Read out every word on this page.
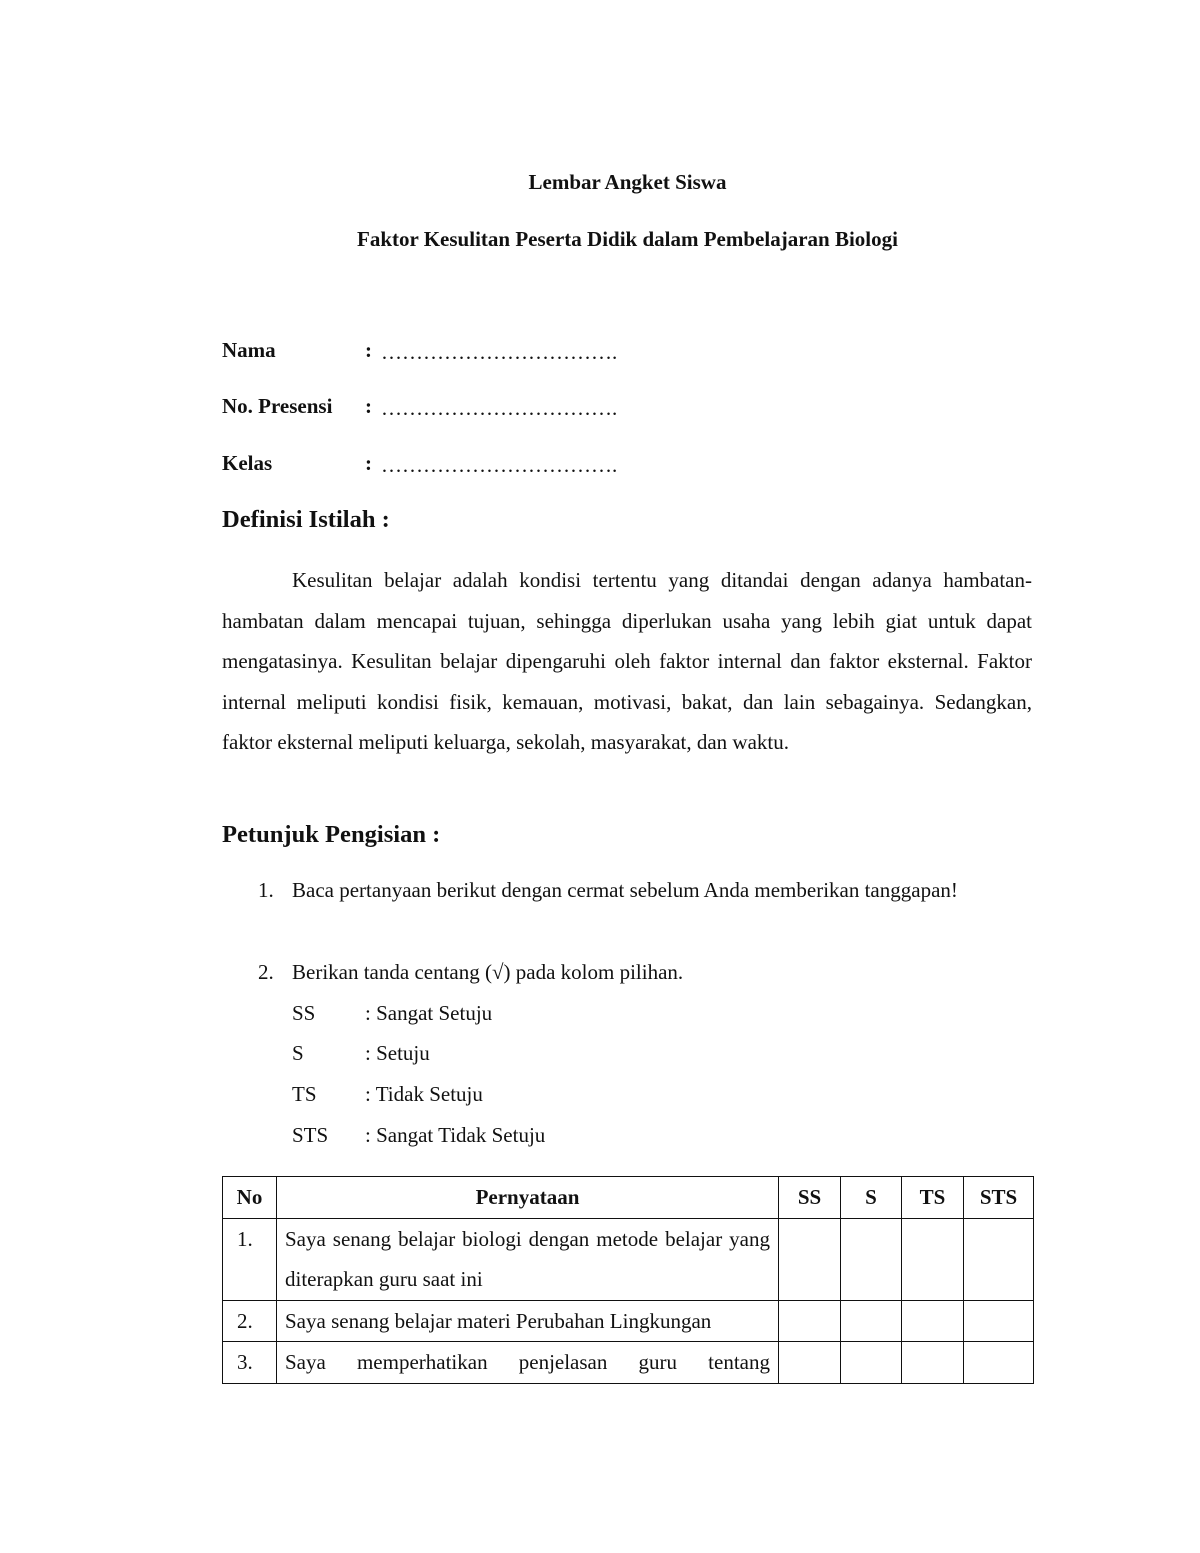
Lembar Angket Siswa
Faktor Kesulitan Peserta Didik dalam Pembelajaran Biologi
Nama	: …………………………….
No. Presensi : …………………………….
Kelas	: …………………………….
Definisi Istilah :

Kesulitan belajar adalah kondisi tertentu yang ditandai dengan adanya hambatan-hambatan dalam mencapai tujuan, sehingga diperlukan usaha yang lebih giat untuk dapat mengatasinya. Kesulitan belajar dipengaruhi oleh faktor internal dan faktor eksternal. Faktor internal meliputi kondisi fisik, kemauan, motivasi, bakat, dan lain sebagainya. Sedangkan, faktor eksternal meliputi keluarga, sekolah, masyarakat, dan waktu.

Petunjuk Pengisian :
1. Baca pertanyaan berikut dengan cermat sebelum Anda memberikan tanggapan!

2. Berikan tanda centang (√) pada kolom pilihan.

SS : Sangat Setuju
S	: Setuju
TS : Tidak Setuju
STS : Sangat Tidak Setuju
No	Pernyataan	SS	S	TS	STS
1.	Saya senang belajar biologi dengan metode belajar yang diterapkan guru saat ini				
2.	Saya senang belajar materi Perubahan Lingkungan				
3.	Saya memperhatikan penjelasan guru tentang				
